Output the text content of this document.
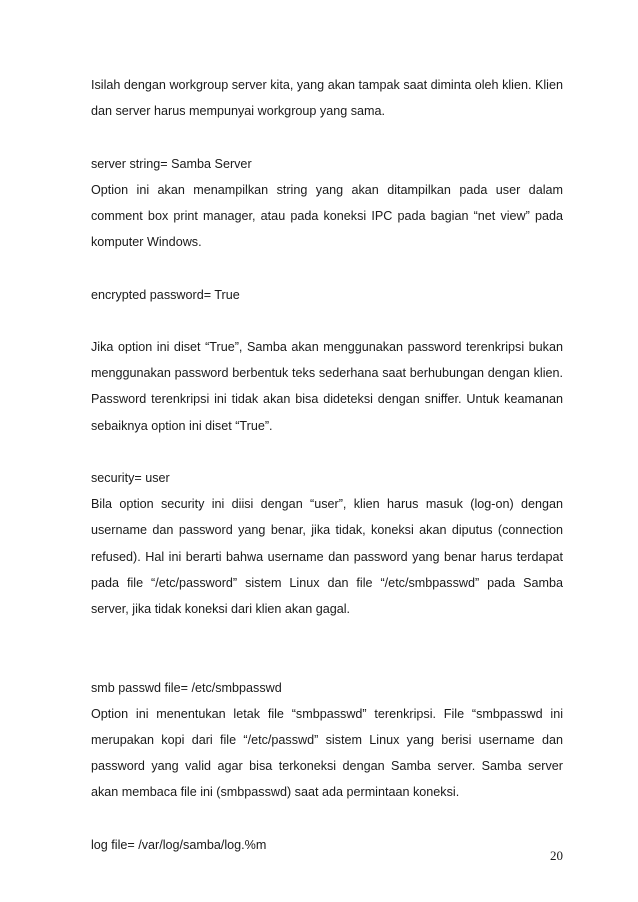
Isilah dengan workgroup server kita, yang akan tampak saat diminta oleh klien. Klien dan server harus mempunyai workgroup yang sama.

server string= Samba Server

Option ini akan menampilkan string yang akan ditampilkan pada user dalam comment box print manager, atau pada koneksi IPC pada bagian “net view” pada komputer Windows.

encrypted password= True

Jika option ini diset “True”, Samba akan menggunakan password terenkripsi bukan menggunakan password berbentuk teks sederhana saat berhubungan dengan klien. Password terenkripsi ini tidak akan bisa dideteksi dengan sniffer. Untuk keamanan sebaiknya option ini diset “True”.

security= user

Bila option security ini diisi dengan “user”, klien harus masuk (log-on) dengan username dan password yang benar, jika tidak, koneksi akan diputus (connection refused). Hal ini berarti bahwa username dan password yang benar harus terdapat pada file “/etc/password” sistem Linux dan file “/etc/smbpasswd” pada Samba server, jika tidak koneksi dari klien akan gagal.

smb passwd file= /etc/smbpasswd

Option ini menentukan letak file “smbpasswd” terenkripsi. File “smbpasswd ini merupakan kopi dari file “/etc/passwd” sistem Linux yang berisi username dan password yang valid agar bisa terkoneksi dengan Samba server. Samba server akan membaca file ini (smbpasswd) saat ada permintaan koneksi.

log file= /var/log/samba/log.%m

20
